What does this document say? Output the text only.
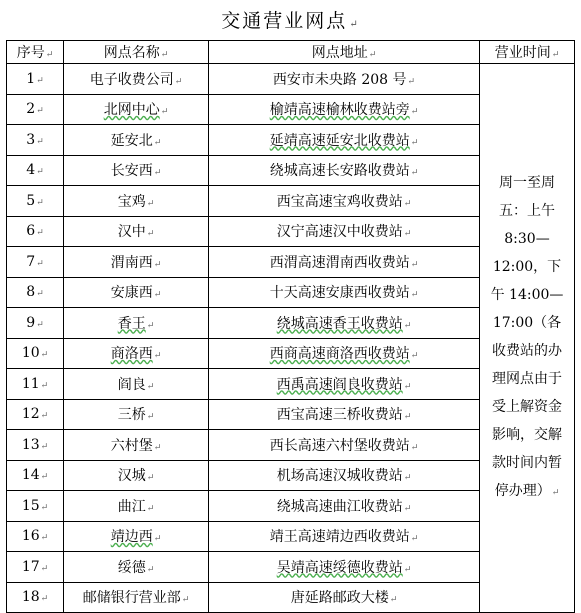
交通营业网点 ↵
序号↵	网点名称↵	网点地址↵	营业时间↵
1↵	电子收费公司↵	西安市未央路 208 号↵	周一至周五：上午 8:30—12:00，下午 14:00—17:00（各收费站的办理网点由于受上解资金影响，交解款时间内暂停办理）↵
2↵	北网中心↵	榆靖高速榆林收费站旁↵	
3↵	延安北↵	延靖高速延安北收费站↵	
4↵	长安西↵	绕城高速长安路收费站↵	
5↵	宝鸡↵	西宝高速宝鸡收费站↵	
6↵	汉中↵	汉宁高速汉中收费站↵	
7↵	渭南西↵	西渭高速渭南西收费站↵	
8↵	安康西↵	十天高速安康西收费站↵	
9↵	香王↵	绕城高速香王收费站↵	
10↵	商洛西↵	西商高速商洛西收费站↵	
11↵	阎良↵	西禹高速阎良收费站↵	
12↵	三桥↵	西宝高速三桥收费站↵	
13↵	六村堡↵	西长高速六村堡收费站↵	
14↵	汉城↵	机场高速汉城收费站↵	
15↵	曲江↵	绕城高速曲江收费站↵	
16↵	靖边西↵	靖王高速靖边西收费站↵	
17↵	绥德↵	吴靖高速绥德收费站↵	
18↵	邮储银行营业部↵	唐延路邮政大楼↵	
